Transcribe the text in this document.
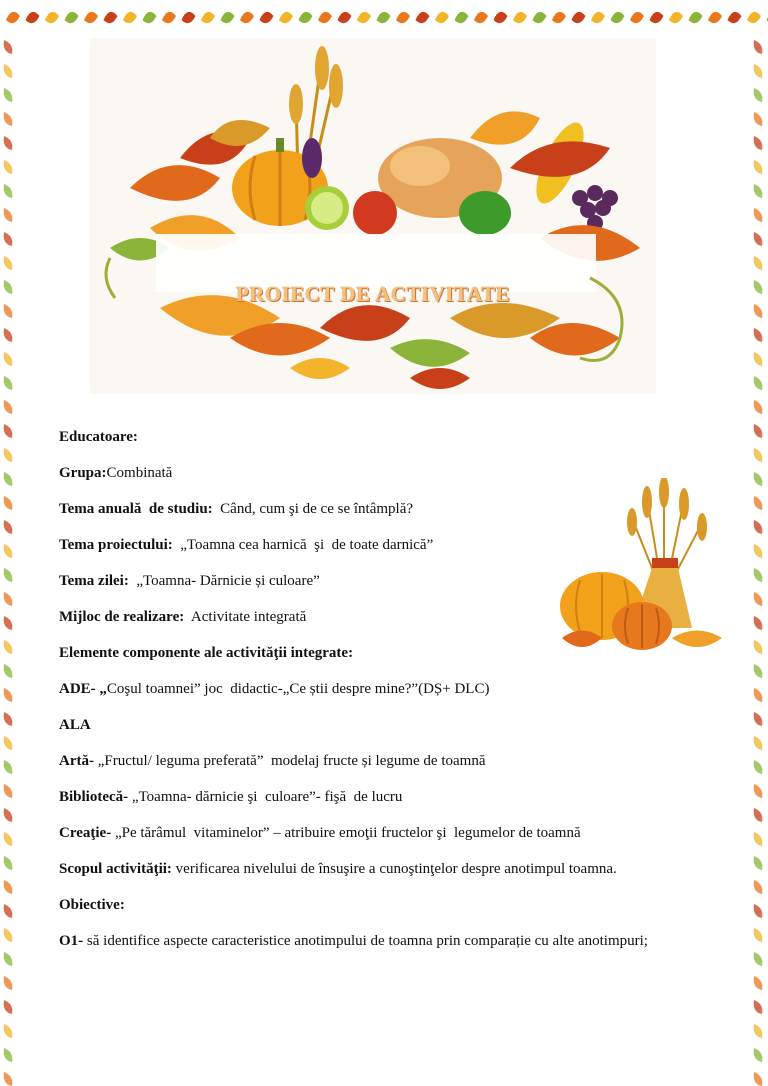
PROIECT DE ACTIVITATE
Educatoare:
Grupa:Combinată
Tema anuală  de studiu:  Când, cum şi de ce se întâmplă?
Tema proiectului:  „Toamna cea harnică  şi  de toate darnică”
Tema zilei:  „Toamna- Dărnicie și culoare”
Mijloc de realizare:  Activitate integrată
Elemente componente ale activităţii integrate:
ADE- „Coşul toamnei” joc  didactic-„Ce știi despre mine?”(DȘ+ DLC)
ALA
Artă- „Fructul/ leguma preferată”  modelaj fructe și legume de toamnă
Bibliotecă- „Toamna- dărnicie şi  culoare”- fişă  de lucru
Creaţie- „Pe tărâmul  vitaminelor” – atribuire emoţii fructelor şi  legumelor de toamnă
Scopul activităţii: verificarea nivelului de însuşire a cunoştinţelor despre anotimpul toamna.
Obiective:
O1- să identifice aspecte caracteristice anotimpului de toamna prin comparație cu alte anotimpuri;
